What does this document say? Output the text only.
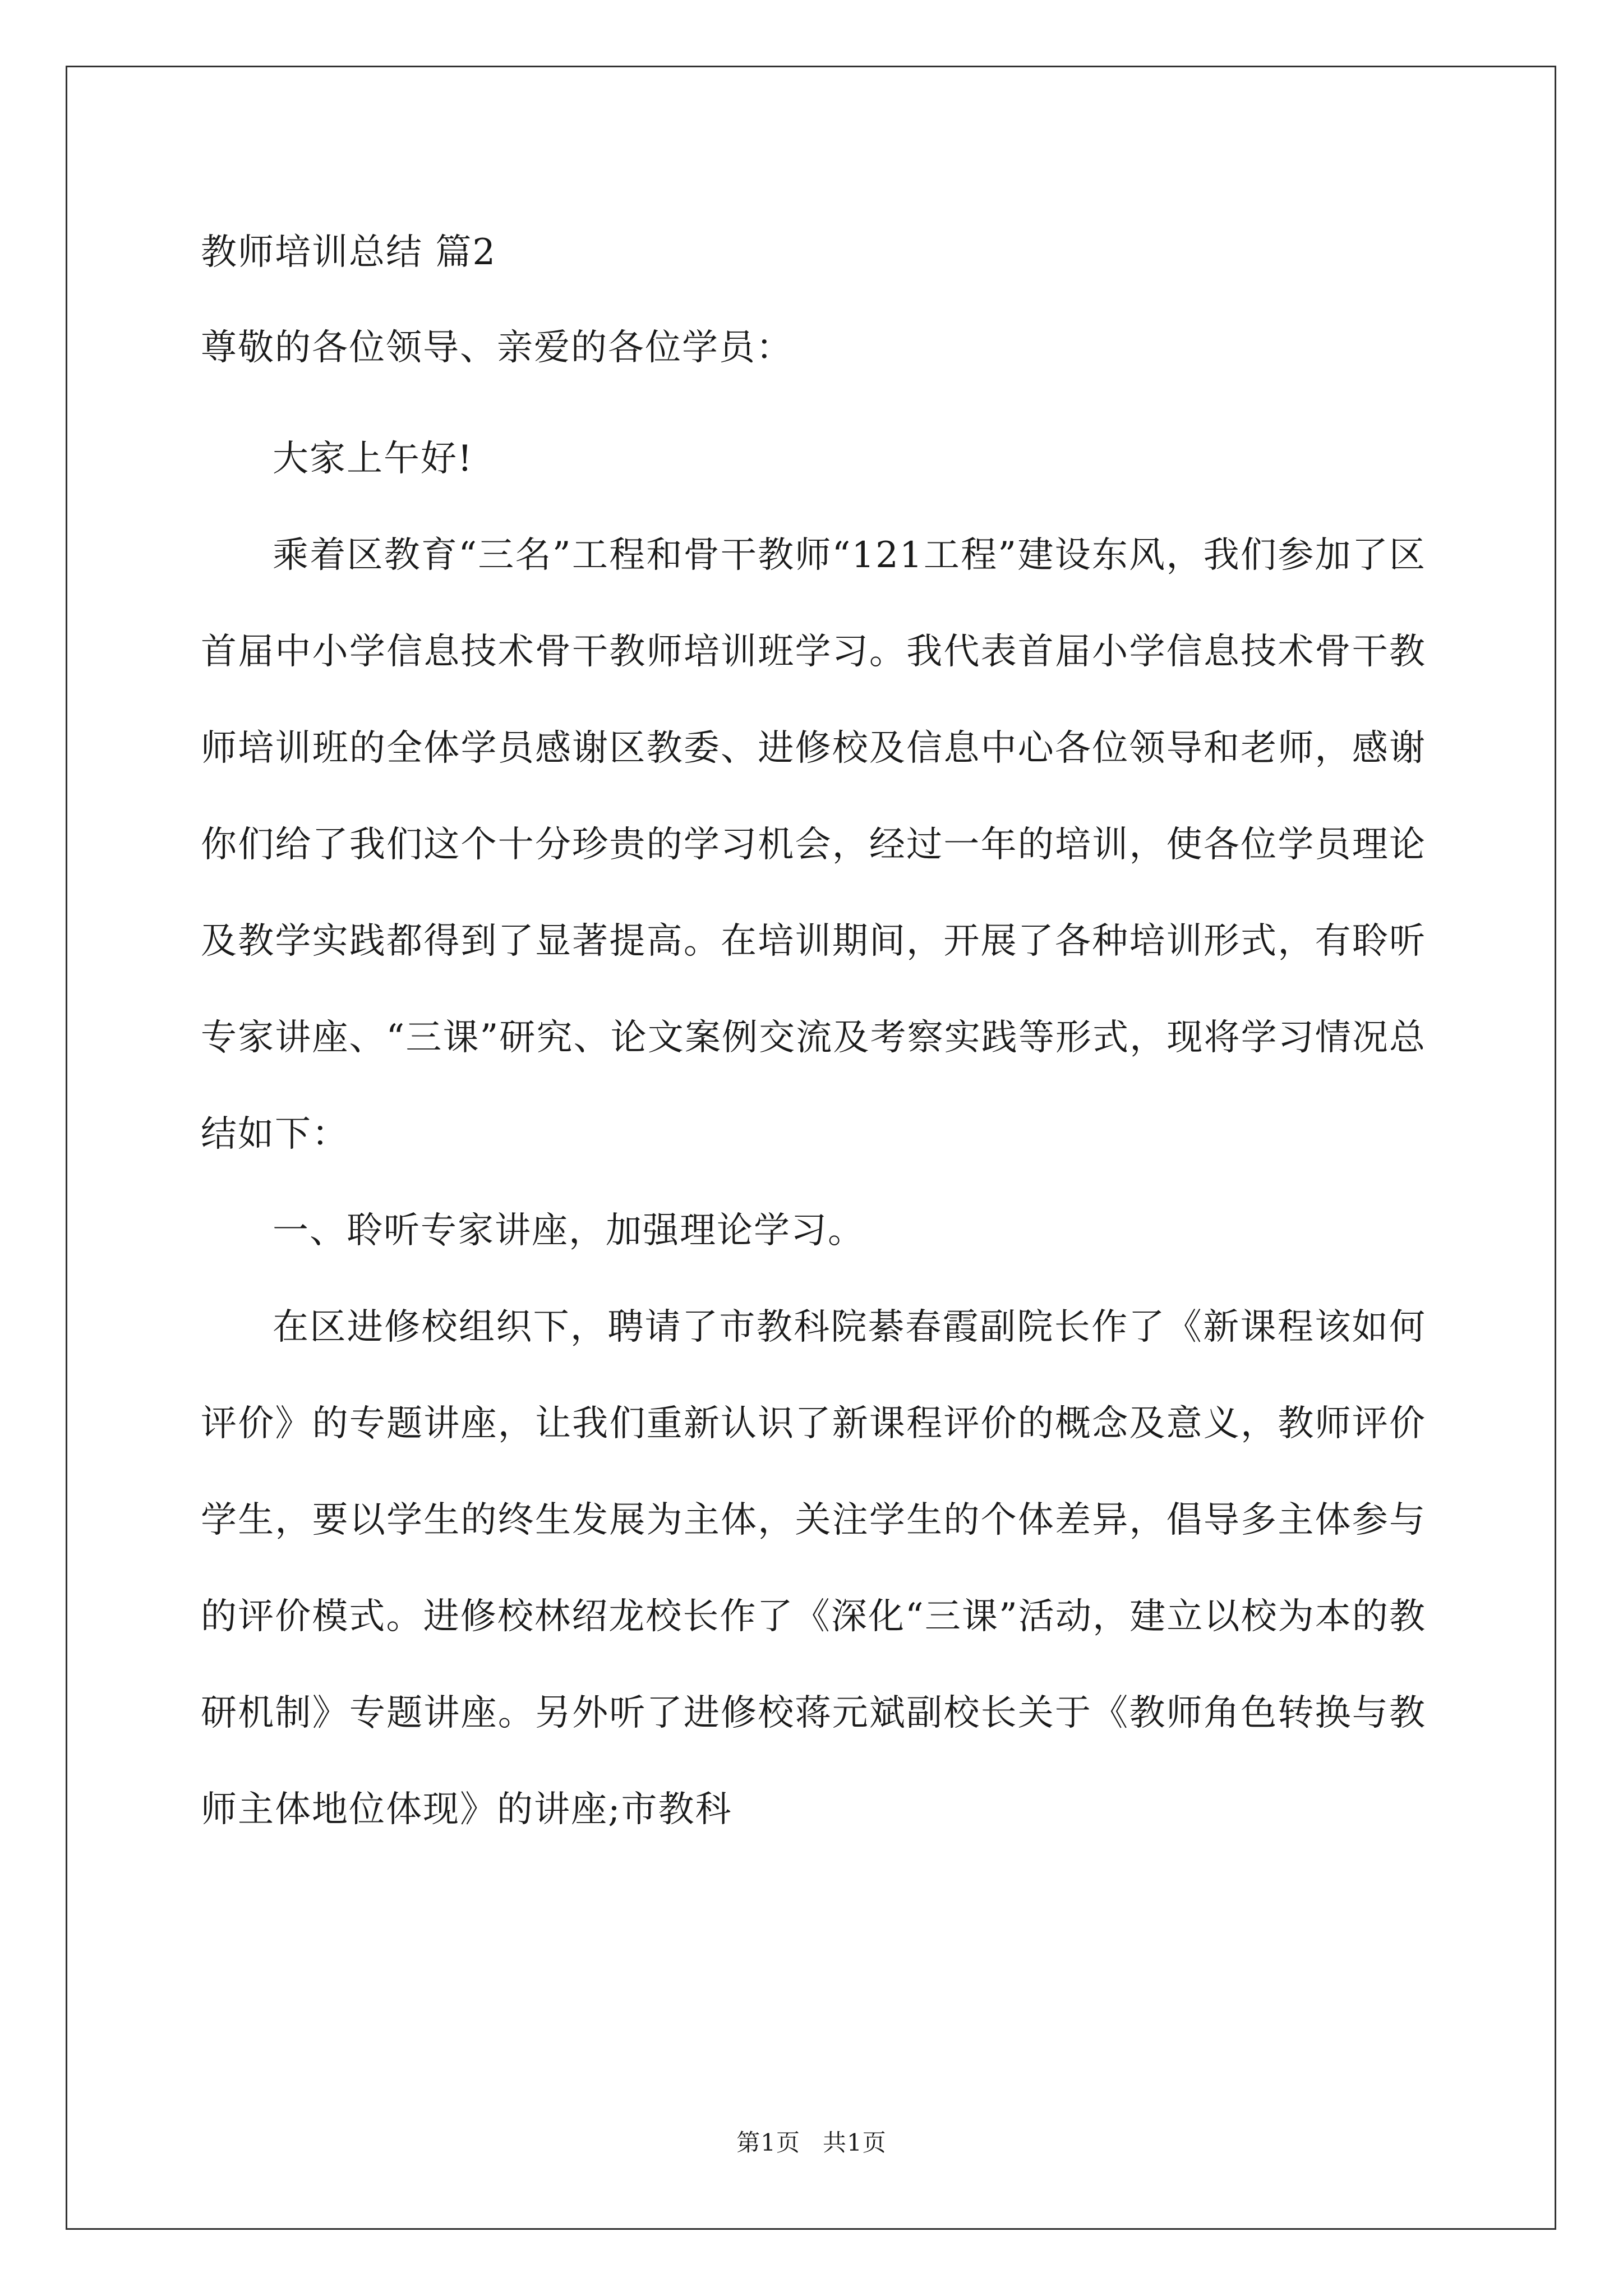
教师培训总结 篇2

尊敬的各位领导、亲爱的各位学员：

大家上午好!

乘着区教育“三名”工程和骨干教师“121工程”建设东风，我们参加了区首届中小学信息技术骨干教师培训班学习。我代表首届小学信息技术骨干教师培训班的全体学员感谢区教委、进修校及信息中心各位领导和老师，感谢你们给了我们这个十分珍贵的学习机会，经过一年的培训，使各位学员理论及教学实践都得到了显著提高。在培训期间，开展了各种培训形式，有聆听专家讲座、“三课”研究、论文案例交流及考察实践等形式，现将学习情况总结如下：

一、聆听专家讲座，加强理论学习。

在区进修校组织下，聘请了市教科院綦春霞副院长作了《新课程该如何评价》的专题讲座，让我们重新认识了新课程评价的概念及意义，教师评价学生，要以学生的终生发展为主体，关注学生的个体差异，倡导多主体参与的评价模式。进修校林绍龙校长作了《深化“三课”活动，建立以校为本的教研机制》专题讲座。另外听了进修校蒋元斌副校长关于《教师角色转换与教师主体地位体现》的讲座;市教科

第1页 共1页
